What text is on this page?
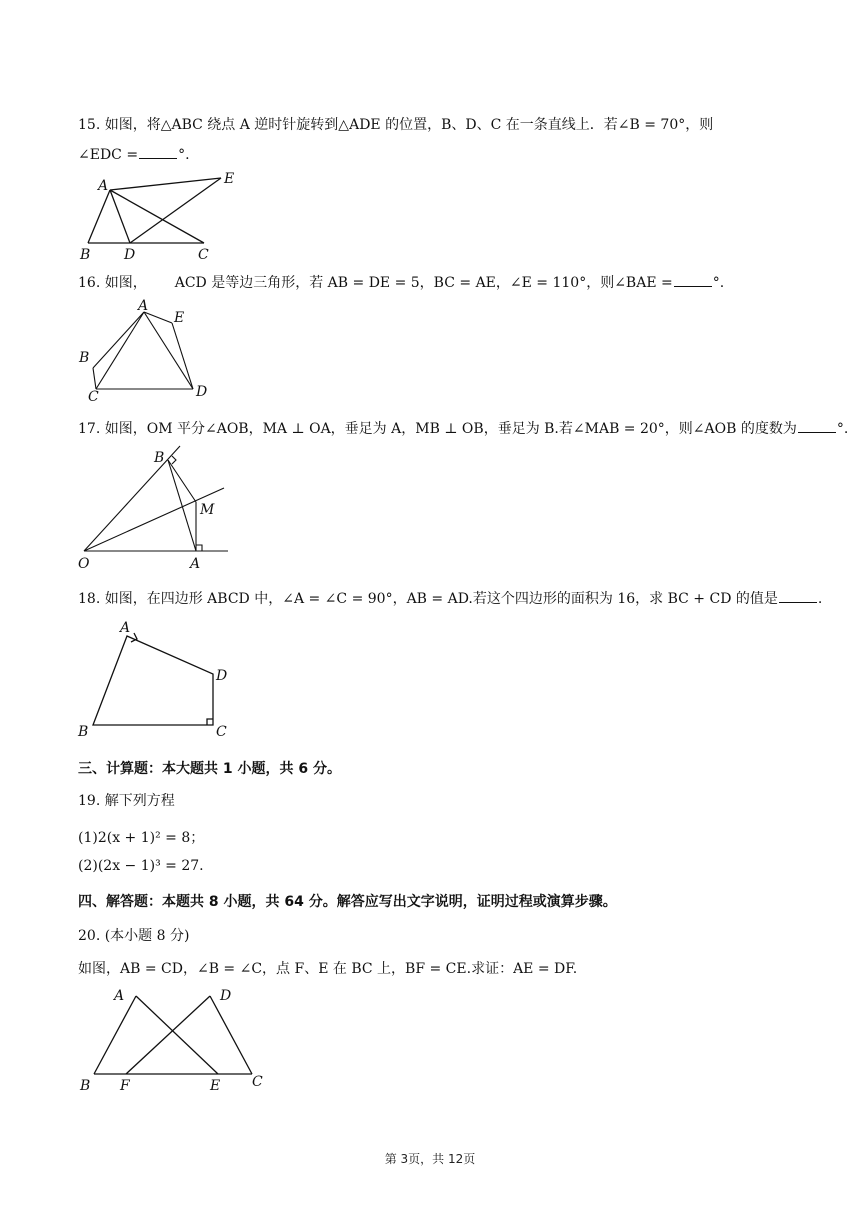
15. 如图，将△ABC 绕点 A 逆时针旋转到△ADE 的位置，B、D、C 在一条直线上．若∠B = 70°，则
∠EDC =	°.
A	E
B D	C
16. 如图， ACD 是等边三角形，若 AB = DE = 5，BC = AE，∠E = 110°，则∠BAE =	°.
A
E
B
C	D
17. 如图，OM 平分∠AOB，MA ⊥ OA，垂足为 A，MB ⊥ OB，垂足为 B.若∠MAB = 20°，则∠AOB 的度数为	°.
B
M
O	A
18. 如图，在四边形 ABCD 中，∠A = ∠C = 90°，AB = AD.若这个四边形的面积为 16，求 BC + CD 的值是	.
A
D
B	C
三、计算题：本大题共 1 小题，共 6 分。
19. 解下列方程
(1)2(x + 1)² = 8；
(2)(2x − 1)³ = 27.
四、解答题：本题共 8 小题，共 64 分。解答应写出文字说明，证明过程或演算步骤。
20. (本小题 8 分)
如图，AB = CD，∠B = ∠C，点 F、E 在 BC 上，BF = CE.求证：AE = DF.
A	D
B F	E C
第 3页，共 12页
